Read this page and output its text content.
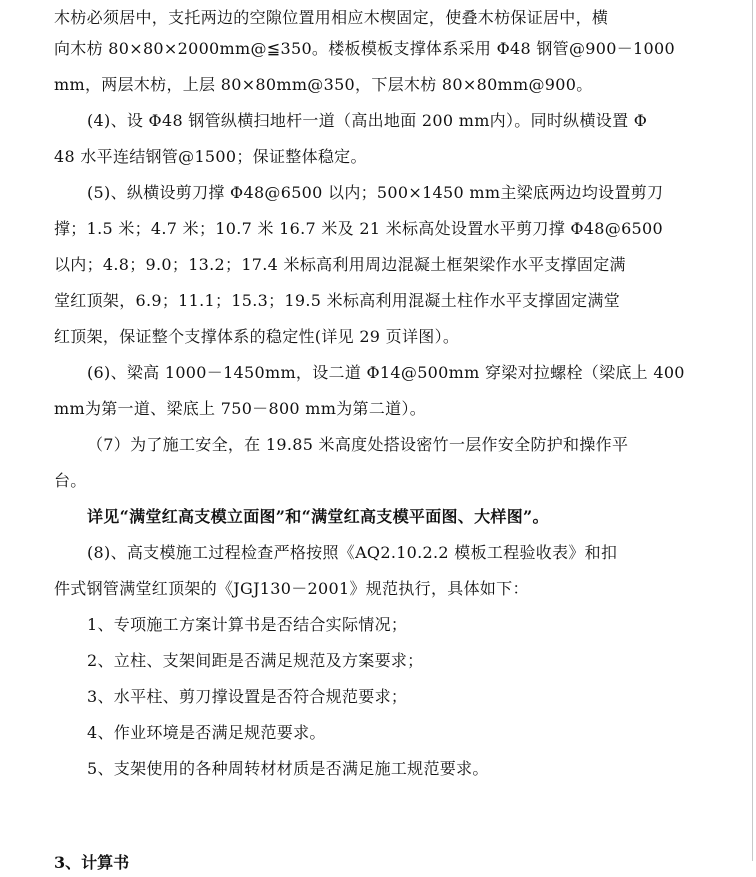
木枋必须居中，支托两边的空隙位置用相应木楔固定，使叠木枋保证居中，横
向木枋 80×80×2000mm@≦350。楼板模板支撑体系采用 Φ48 钢管@900－1000
mm，两层木枋，上层 80×80mm@350，下层木枋 80×80mm@900。
(4)、设 Φ48 钢管纵横扫地杆一道（高出地面 200 mm内）。同时纵横设置 Φ
48 水平连结钢管@1500；保证整体稳定。
(5)、纵横设剪刀撑 Φ48@6500 以内；500×1450 mm主梁底两边均设置剪刀
撑；1.5 米；4.7 米；10.7 米 16.7 米及 21 米标高处设置水平剪刀撑 Φ48@6500
以内；4.8；9.0；13.2；17.4 米标高利用周边混凝土框架梁作水平支撑固定满
堂红顶架，6.9；11.1；15.3；19.5 米标高利用混凝土柱作水平支撑固定满堂
红顶架，保证整个支撑体系的稳定性(详见 29 页详图）。
(6)、梁高 1000－1450mm，设二道 Φ14@500mm 穿梁对拉螺栓（梁底上 400
mm为第一道、梁底上 750－800 mm为第二道）。
（7）为了施工安全，在 19.85 米高度处搭设密竹一层作安全防护和操作平
台。
详见“满堂红高支模立面图”和“满堂红高支模平面图、大样图”。
(8)、高支模施工过程检查严格按照《AQ2.10.2.2 模板工程验收表》和扣
件式钢管满堂红顶架的《JGJ130－2001》规范执行，具体如下：
1、专项施工方案计算书是否结合实际情况；
2、立柱、支架间距是否满足规范及方案要求；
3、水平柱、剪刀撑设置是否符合规范要求；
4、作业环境是否满足规范要求。
5、支架使用的各种周转材材质是否满足施工规范要求。
3、计算书
